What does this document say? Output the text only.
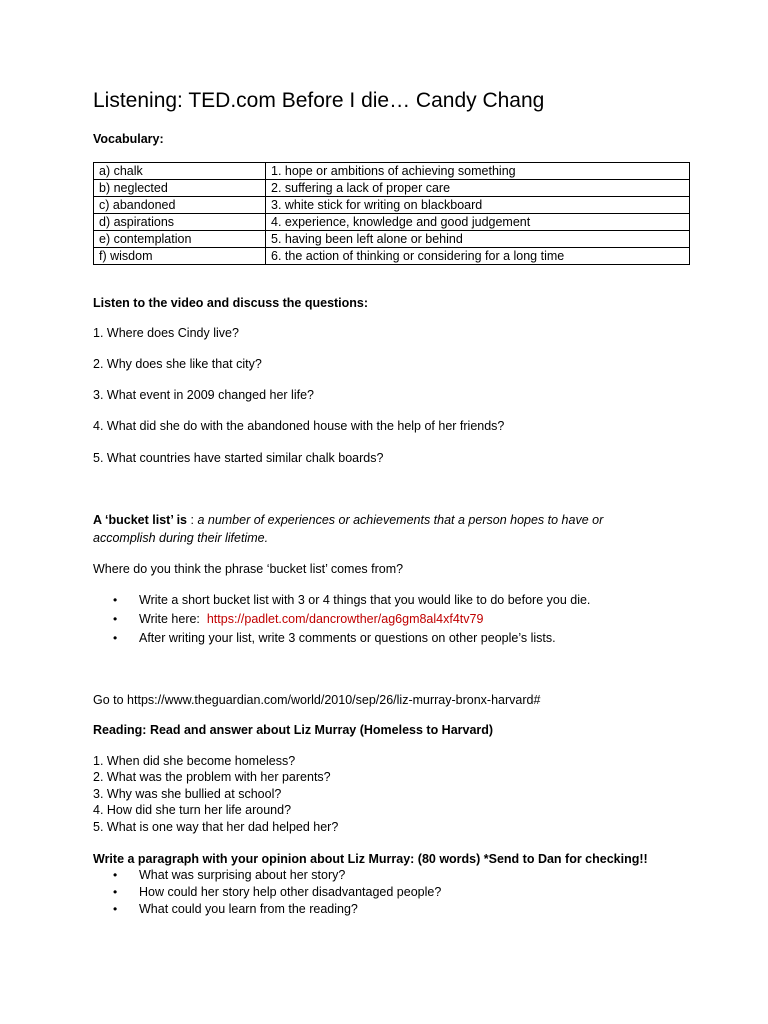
Listening: TED.com Before I die… Candy Chang
Vocabulary:
a) chalk	1. hope or ambitions of achieving something
b) neglected	2. suffering a lack of proper care
c) abandoned	3. white stick for writing on blackboard
d) aspirations	4. experience, knowledge and good judgement
e) contemplation	5. having been left alone or behind
f) wisdom	6. the action of thinking or considering for a long time
Listen to the video and discuss the questions:
1. Where does Cindy live?
2. Why does she like that city?
3. What event in 2009 changed her life?
4. What did she do with the abandoned house with the help of her friends?
5. What countries have started similar chalk boards?
A ‘bucket list’ is : a number of experiences or achievements that a person hopes to have or accomplish during their lifetime.
Where do you think the phrase ‘bucket list’ comes from?
• Write a short bucket list with 3 or 4 things that you would like to do before you die.
• Write here: https://padlet.com/dancrowther/ag6gm8al4xf4tv79
• After writing your list, write 3 comments or questions on other people’s lists.
Go to https://www.theguardian.com/world/2010/sep/26/liz-murray-bronx-harvard#
Reading: Read and answer about Liz Murray (Homeless to Harvard)
1. When did she become homeless?
2. What was the problem with her parents?
3. Why was she bullied at school?
4. How did she turn her life around?
5. What is one way that her dad helped her?
Write a paragraph with your opinion about Liz Murray: (80 words) *Send to Dan for checking!!
• What was surprising about her story?
• How could her story help other disadvantaged people?
• What could you learn from the reading?
